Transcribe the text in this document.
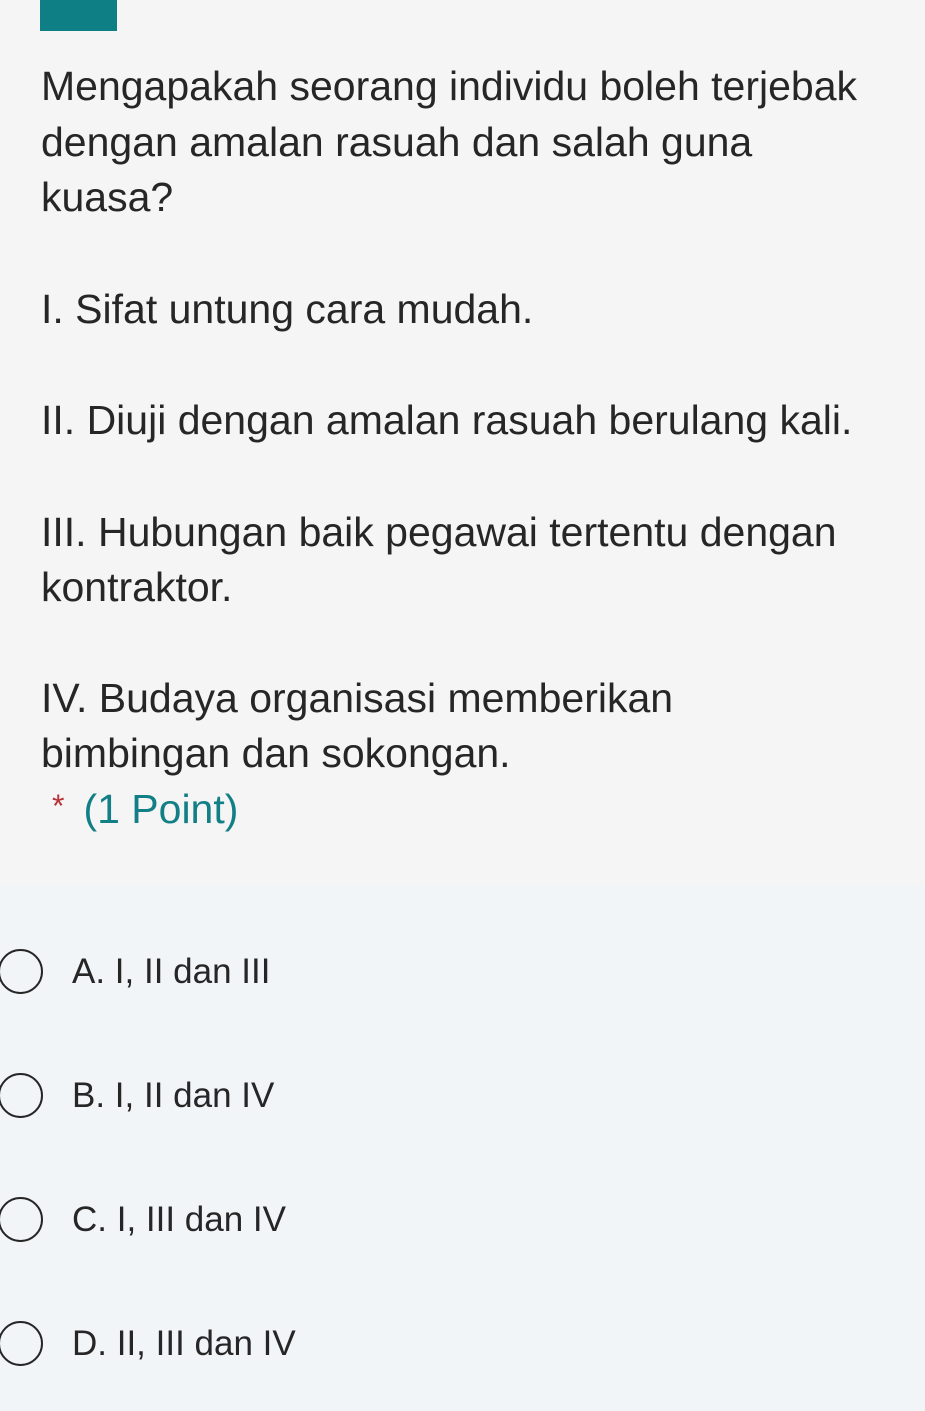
Mengapakah seorang individu boleh terjebak
dengan amalan rasuah dan salah guna
kuasa?
I. Sifat untung cara mudah.
II. Diuji dengan amalan rasuah berulang kali.
III. Hubungan baik pegawai tertentu dengan
kontraktor.
IV. Budaya organisasi memberikan
bimbingan dan sokongan.
* (1 Point)
A. I, II dan III
B. I, II dan IV
C. I, III dan IV
D. II, III dan IV
